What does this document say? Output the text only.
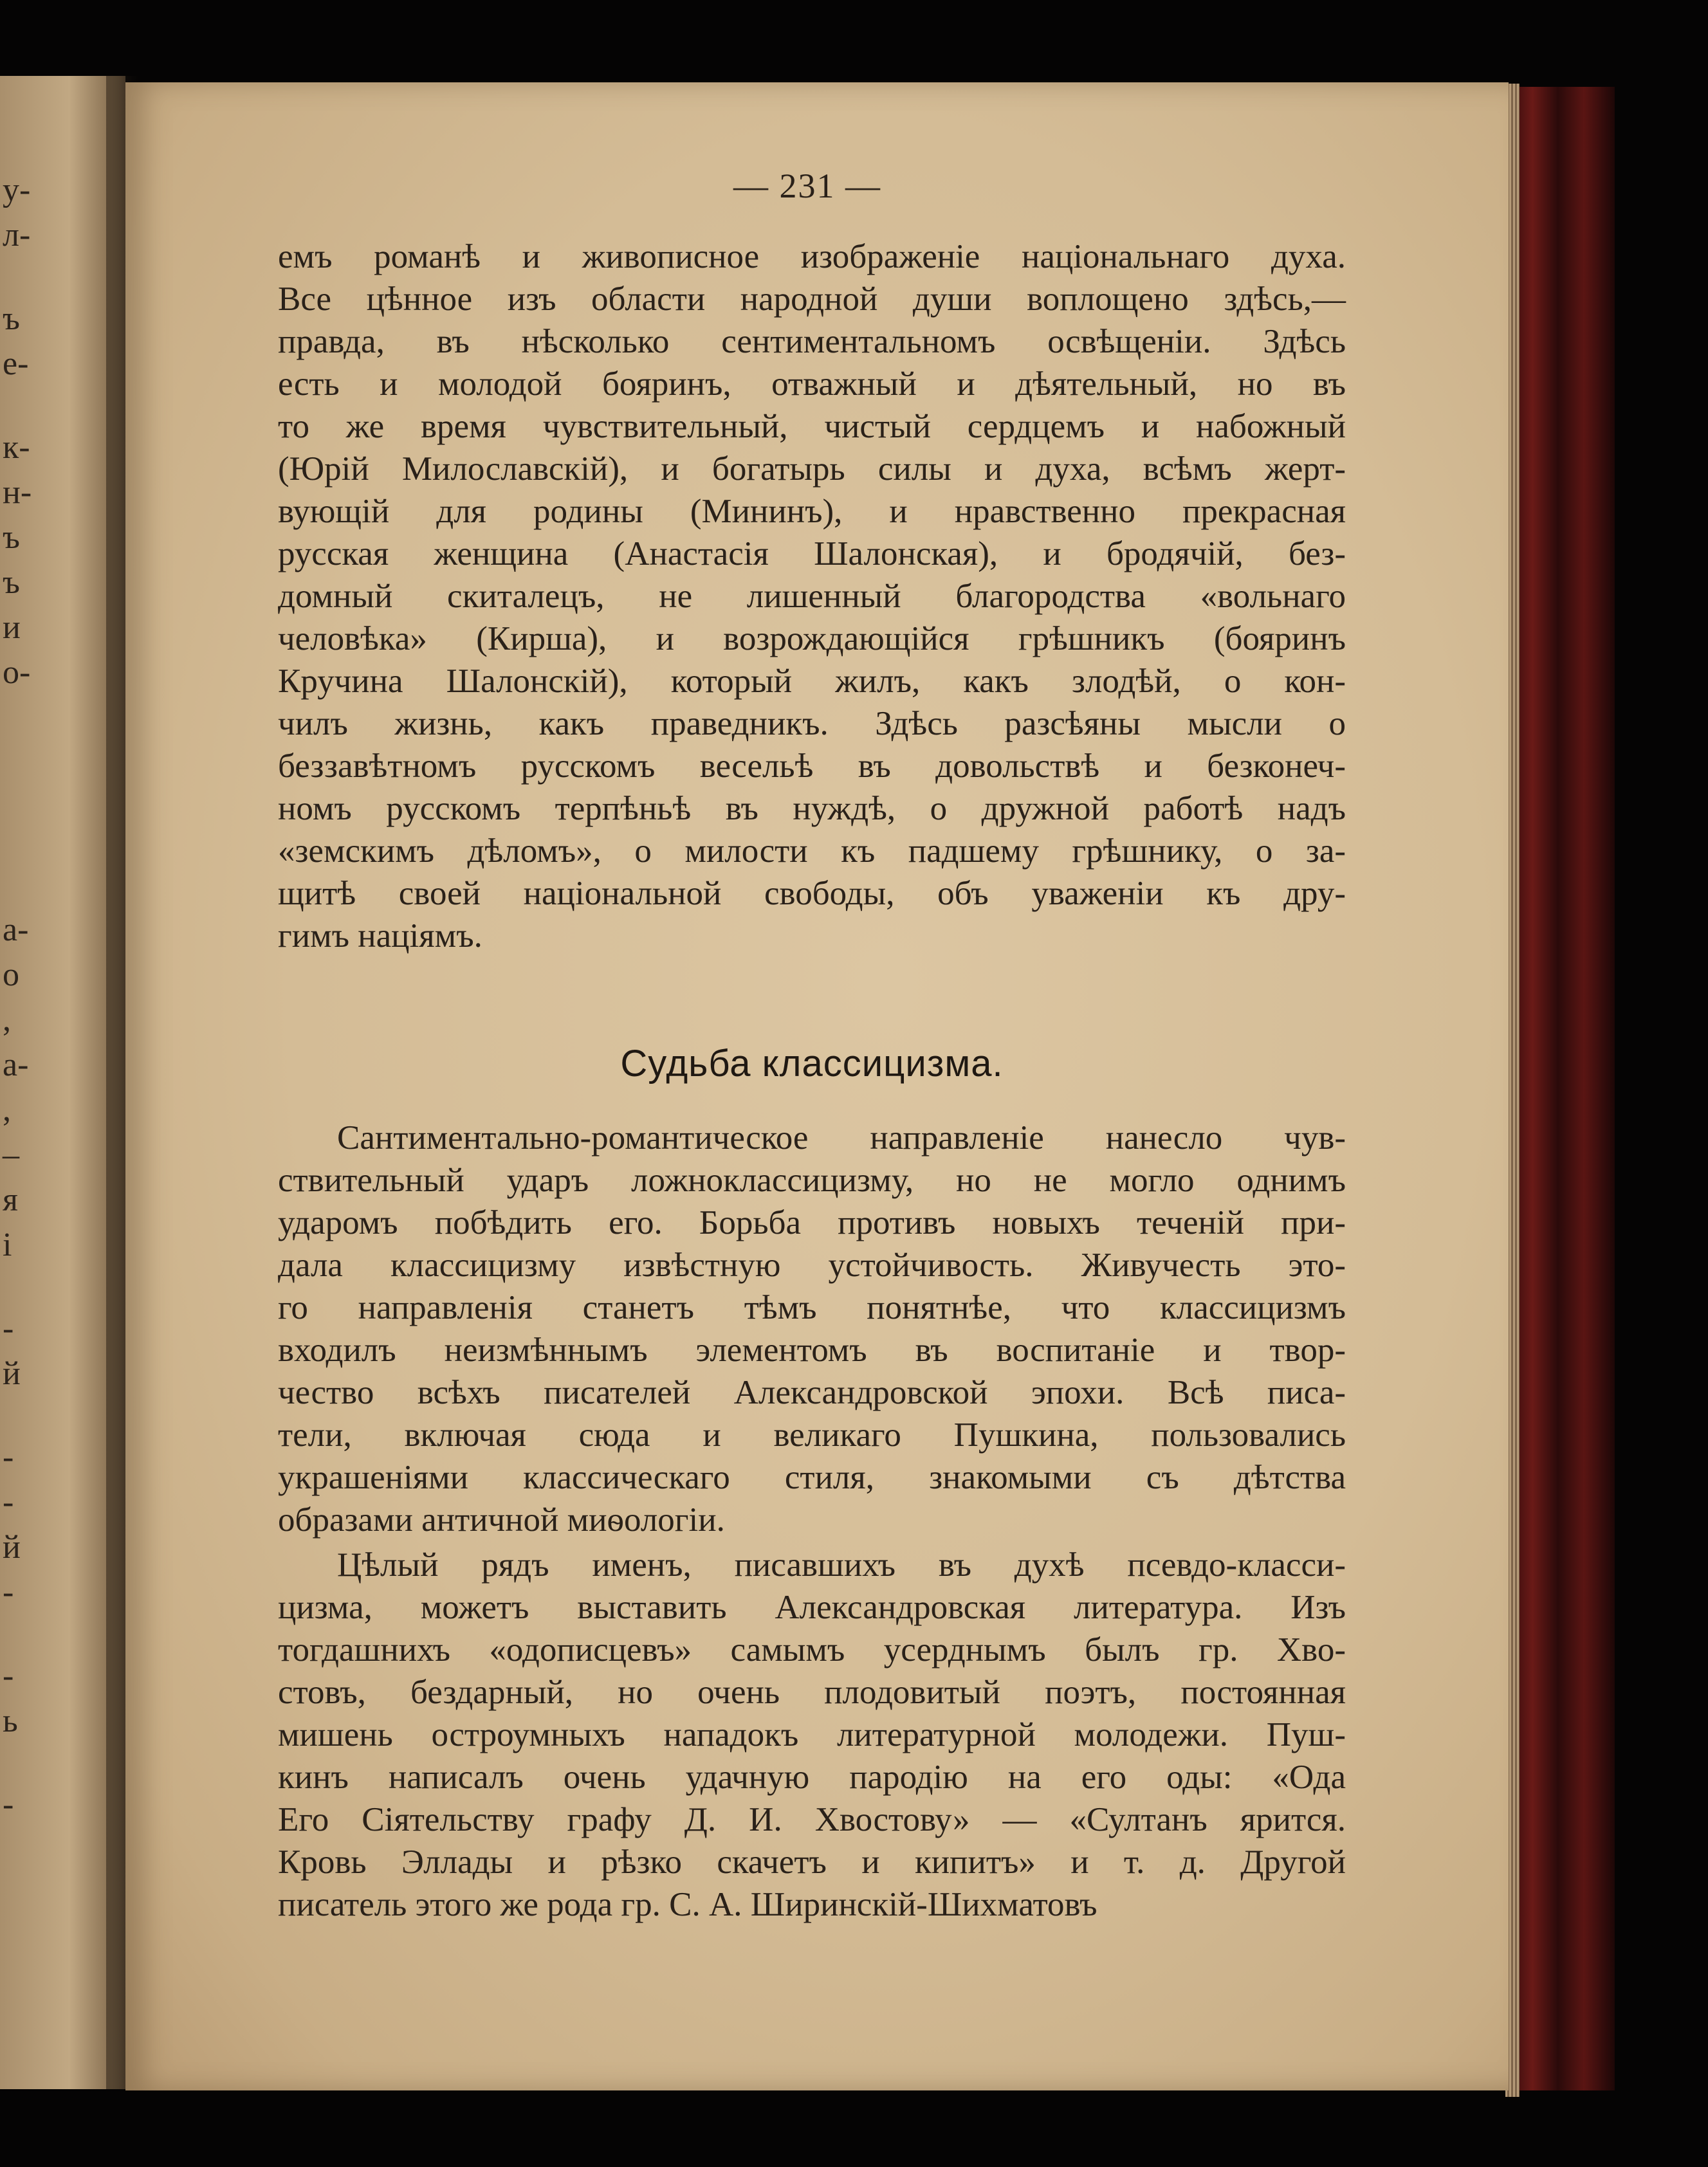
у-
л-
ъ
е-
к-
н-
ъ
ъ
и
о-
а-
о
,
а-
,
–
я
і
-
й
-
-
й
-
-
ь
-
— 231 —
емъ романѣ и живописное изображеніе національнаго духа.
Все цѣнное изъ области народной души воплощено здѣсь,—
правда, въ нѣсколько сентиментальномъ освѣщеніи. Здѣсь
есть и молодой бояринъ, отважный и дѣятельный, но въ
то же время чувствительный, чистый сердцемъ и набожный
(Юрій Милославскій), и богатырь силы и духа, всѣмъ жерт-
вующій для родины (Мининъ), и нравственно прекрасная
русская женщина (Анастасія Шалонская), и бродячій, без-
домный скиталецъ, не лишенный благородства «вольнаго
человѣка» (Кирша), и возрождающійся грѣшникъ (бояринъ
Кручина Шалонскій), который жилъ, какъ злодѣй, о кон-
чилъ жизнь, какъ праведникъ. Здѣсь разсѣяны мысли о
беззавѣтномъ русскомъ весельѣ въ довольствѣ и безконеч-
номъ русскомъ терпѣньѣ въ нуждѣ, о дружной работѣ надъ
«земскимъ дѣломъ», о милости къ падшему грѣшнику, о за-
щитѣ своей національной свободы, объ уваженіи къ дру-
гимъ націямъ.
Судьба классицизма.

Сантиментально-романтическое направленіе нанесло чув-
ствительный ударъ ложноклассицизму, но не могло однимъ
ударомъ побѣдить его. Борьба противъ новыхъ теченій при-
дала классицизму извѣстную устойчивость. Живучесть это-
го направленія станетъ тѣмъ понятнѣе, что классицизмъ
входилъ неизмѣннымъ элементомъ въ воспитаніе и твор-
чество всѣхъ писателей Александровской эпохи. Всѣ писа-
тели, включая сюда и великаго Пушкина, пользовались
украшеніями классическаго стиля, знакомыми съ дѣтства
образами античной миѳологіи.

Цѣлый рядъ именъ, писавшихъ въ духѣ псевдо-класси-
цизма, можетъ выставить Александровская литература. Изъ
тогдашнихъ «одописцевъ» самымъ усерднымъ былъ гр. Хво-
стовъ, бездарный, но очень плодовитый поэтъ, постоянная
мишень остроумныхъ нападокъ литературной молодежи. Пуш-
кинъ написалъ очень удачную пародію на его оды: «Ода
Его Сіятельству графу Д. И. Хвостову» — «Султанъ ярится.
Кровь Эллады и рѣзко скачетъ и кипитъ» и т. д. Другой
писатель этого же рода гр. С. А. Ширинскій-Шихматовъ
